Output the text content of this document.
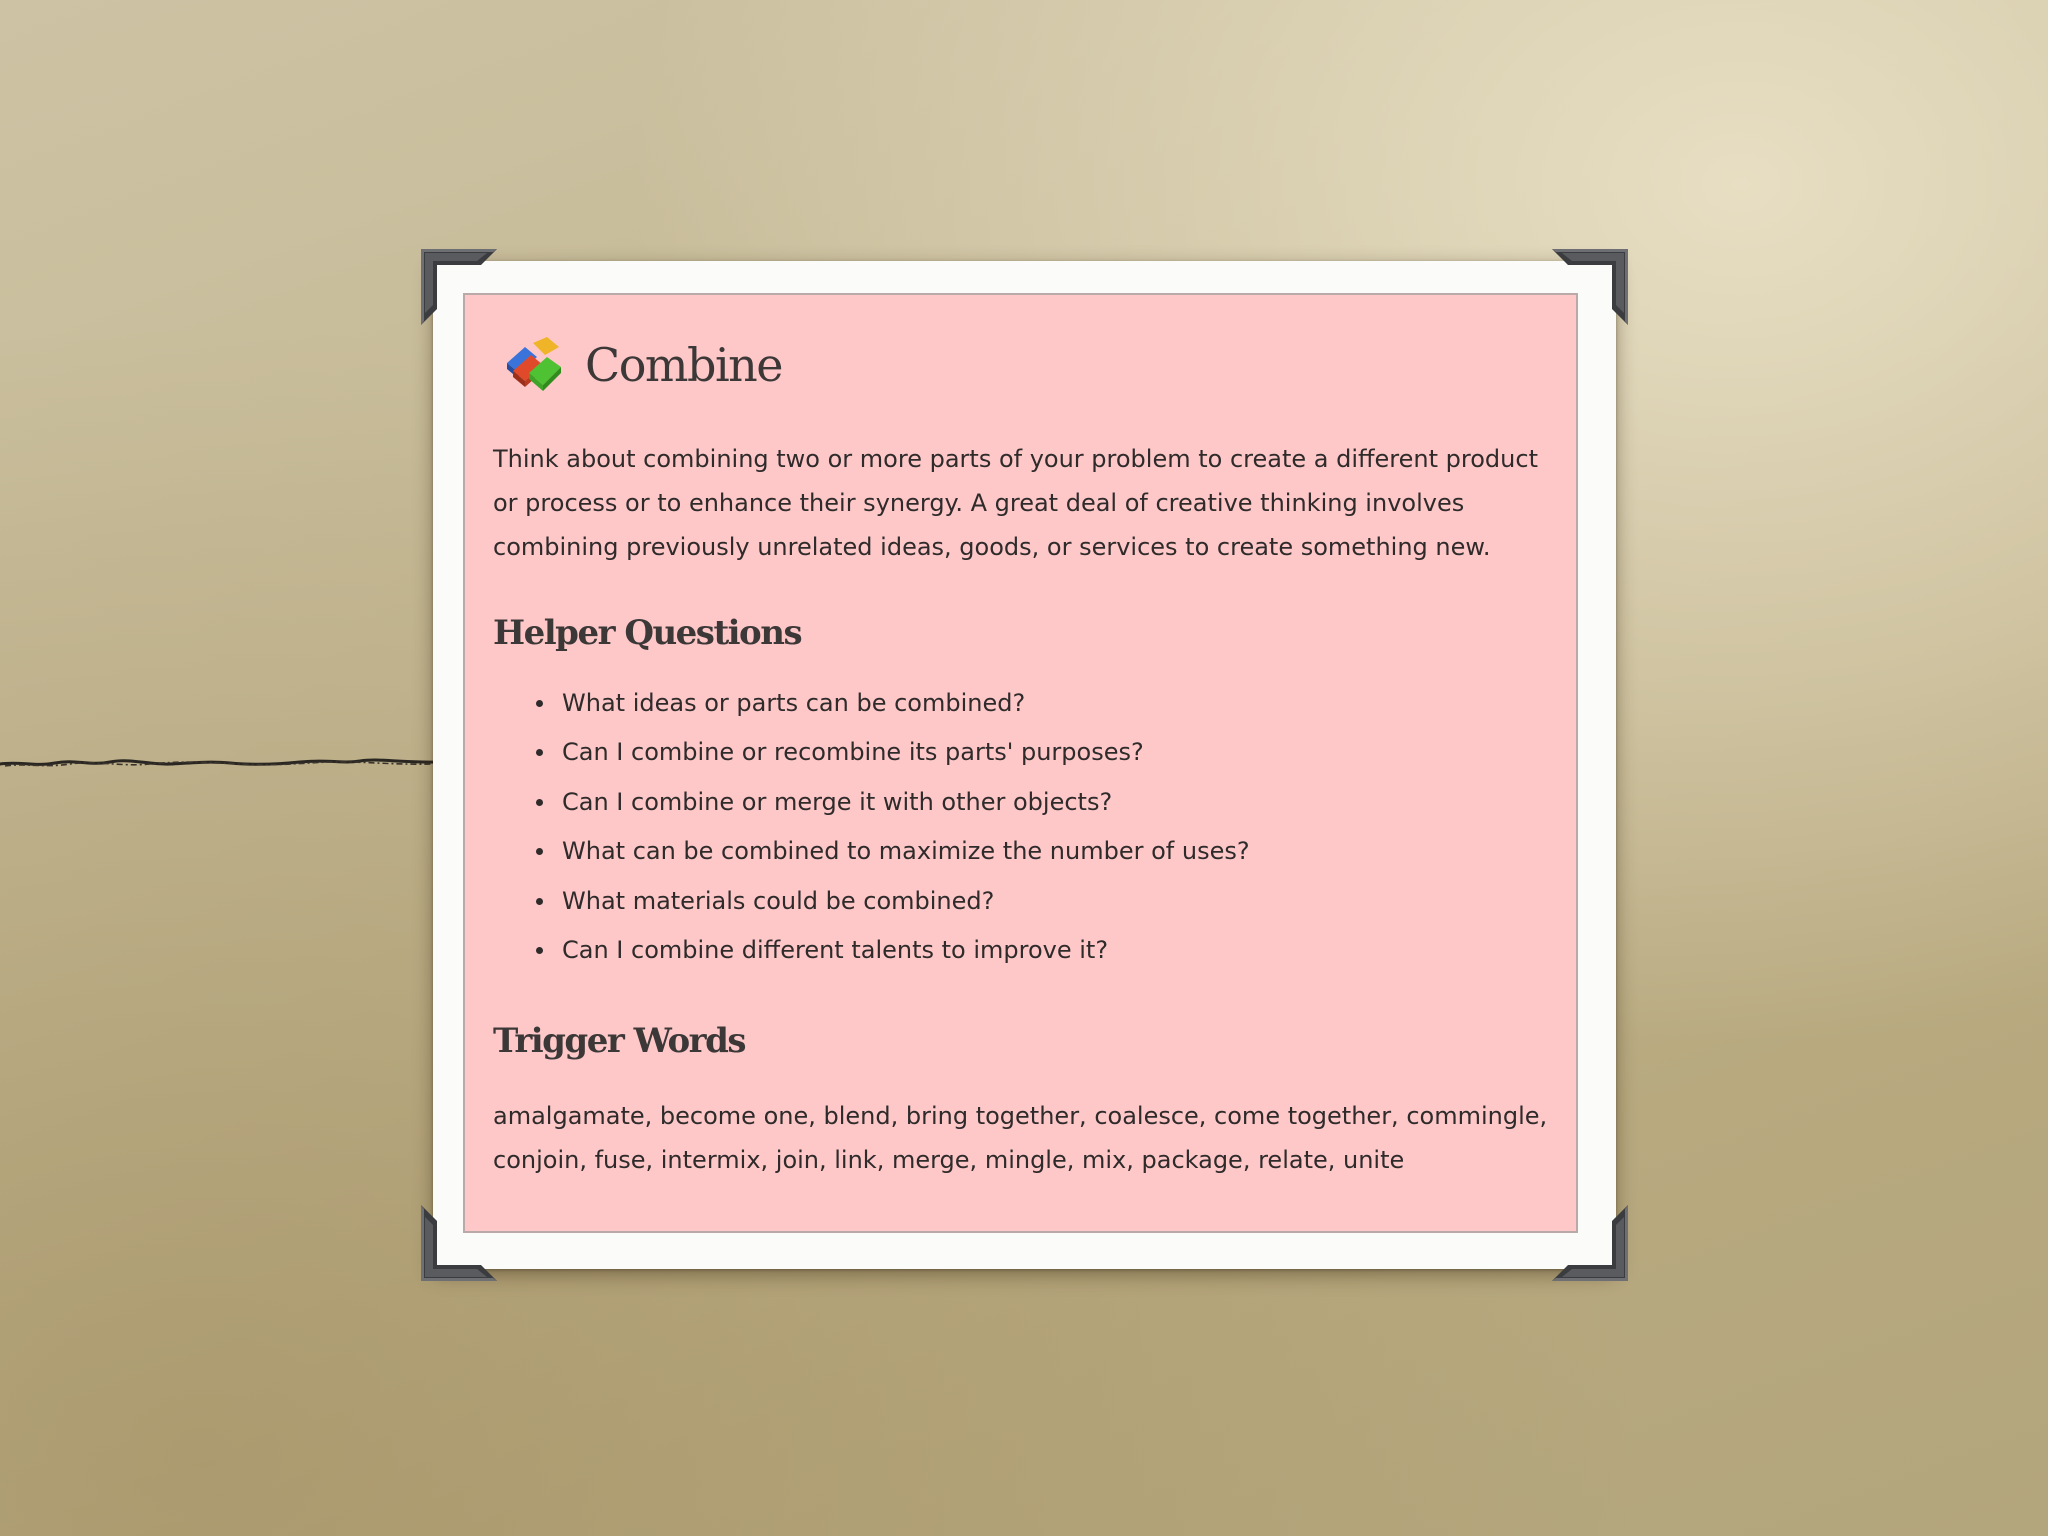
Combine

Think about combining two or more parts of your problem to create a different product or process or to enhance their synergy. A great deal of creative thinking involves combining previously unrelated ideas, goods, or services to create something new.

Helper Questions
What ideas or parts can be combined?
Can I combine or recombine its parts' purposes?
Can I combine or merge it with other objects?
What can be combined to maximize the number of uses?
What materials could be combined?
Can I combine different talents to improve it?
Trigger Words

amalgamate, become one, blend, bring together, coalesce, come together, commingle, conjoin, fuse, intermix, join, link, merge, mingle, mix, package, relate, unite
